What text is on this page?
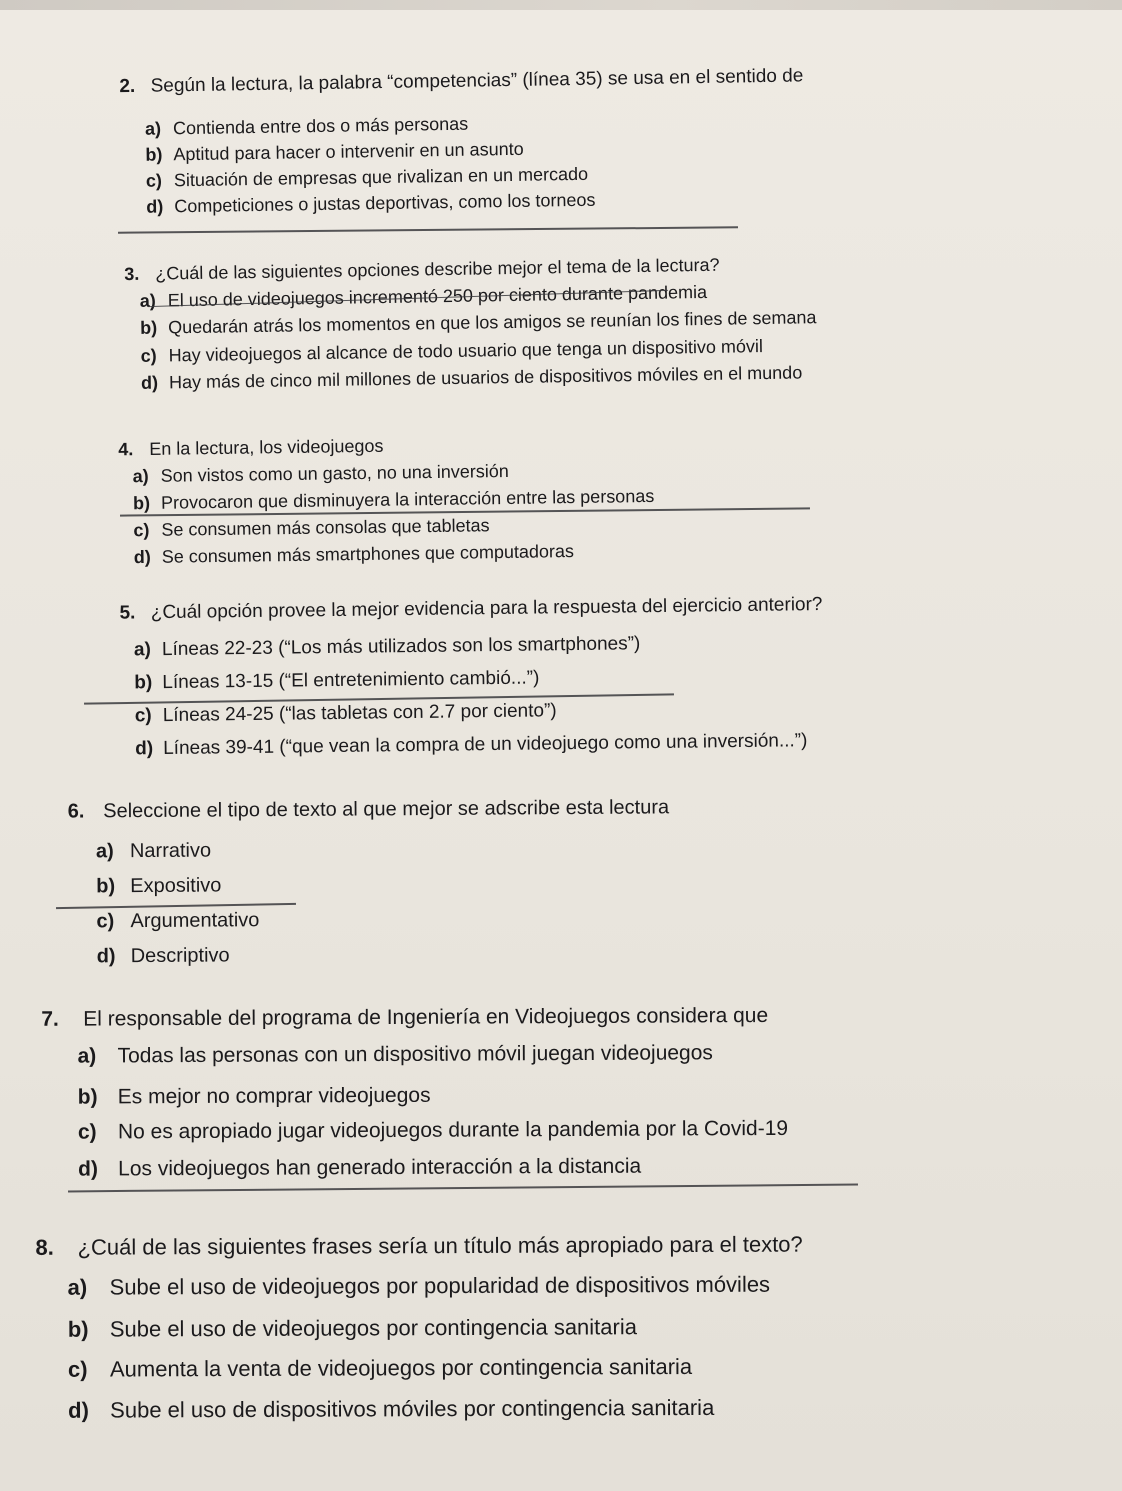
2. Según la lectura, la palabra “competencias” (línea 35) se usa en el sentido de
a) Contienda entre dos o más personas
b) Aptitud para hacer o intervenir en un asunto
c) Situación de empresas que rivalizan en un mercado
d) Competiciones o justas deportivas, como los torneos
3. ¿Cuál de las siguientes opciones describe mejor el tema de la lectura?
a) El uso de videojuegos incrementó 250 por ciento durante pandemia
b) Quedarán atrás los momentos en que los amigos se reunían los fines de semana
c) Hay videojuegos al alcance de todo usuario que tenga un dispositivo móvil
d) Hay más de cinco mil millones de usuarios de dispositivos móviles en el mundo
4. En la lectura, los videojuegos
a) Son vistos como un gasto, no una inversión
b) Provocaron que disminuyera la interacción entre las personas
c) Se consumen más consolas que tabletas
d) Se consumen más smartphones que computadoras
5. ¿Cuál opción provee la mejor evidencia para la respuesta del ejercicio anterior?
a) Líneas 22-23 (“Los más utilizados son los smartphones”)
b) Líneas 13-15 (“El entretenimiento cambió...”)
c) Líneas 24-25 (“las tabletas con 2.7 por ciento”)
d) Líneas 39-41 (“que vean la compra de un videojuego como una inversión...”)
6. Seleccione el tipo de texto al que mejor se adscribe esta lectura
a) Narrativo
b) Expositivo
c) Argumentativo
d) Descriptivo
7. El responsable del programa de Ingeniería en Videojuegos considera que
a) Todas las personas con un dispositivo móvil juegan videojuegos
b) Es mejor no comprar videojuegos
c) No es apropiado jugar videojuegos durante la pandemia por la Covid-19
d) Los videojuegos han generado interacción a la distancia
8. ¿Cuál de las siguientes frases sería un título más apropiado para el texto?
a) Sube el uso de videojuegos por popularidad de dispositivos móviles
b) Sube el uso de videojuegos por contingencia sanitaria
c) Aumenta la venta de videojuegos por contingencia sanitaria
d) Sube el uso de dispositivos móviles por contingencia sanitaria
